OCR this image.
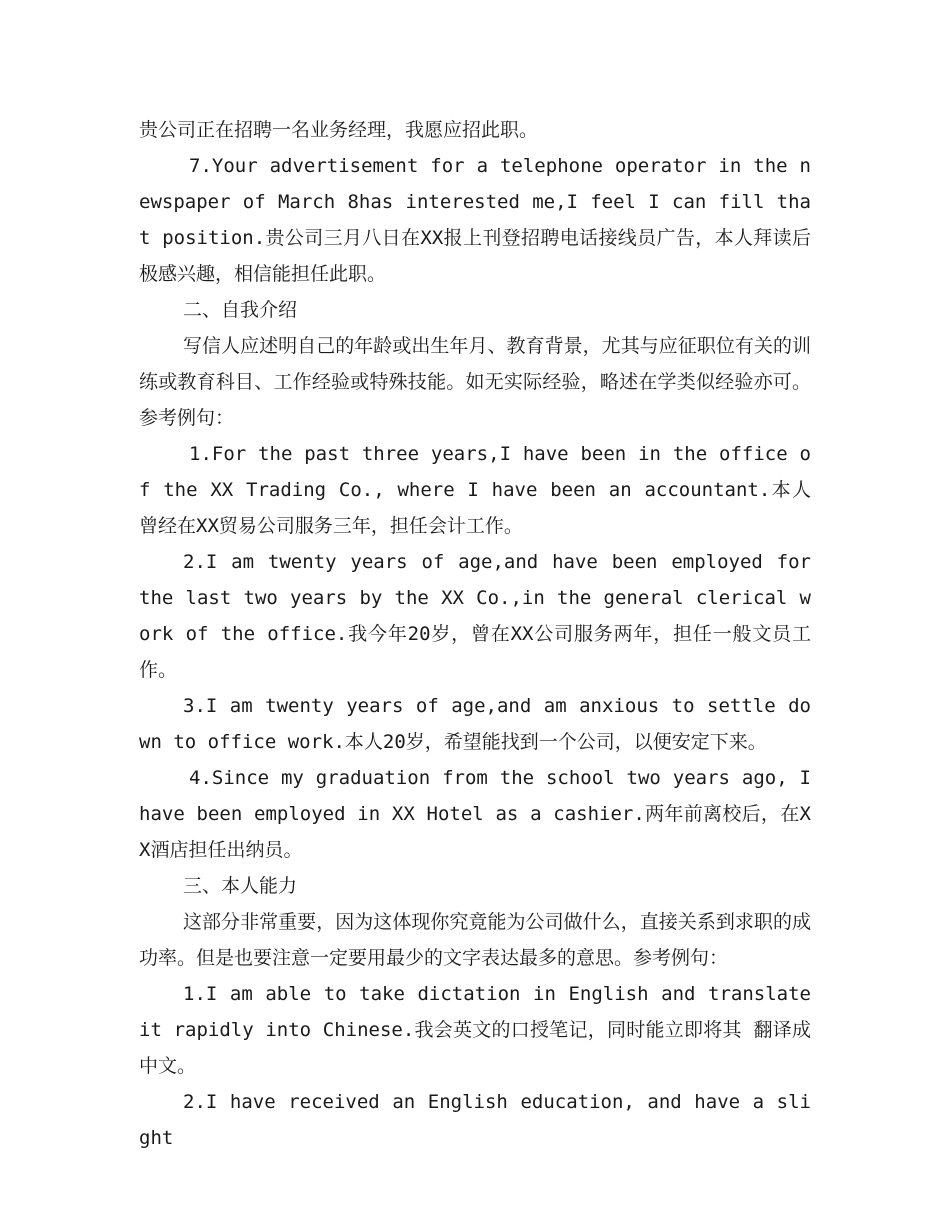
贵公司正在招聘一名业务经理，我愿应招此职。

7.Your advertisement for a telephone operator in the newspaper of March 8has interested me,I feel I can fill that position.贵公司三月八日在XX报上刊登招聘电话接线员广告，本人拜读后极感兴趣，相信能担任此职。

二、自我介绍

写信人应述明自己的年龄或出生年月、教育背景，尤其与应征职位有关的训练或教育科目、工作经验或特殊技能。如无实际经验，略述在学类似经验亦可。参考例句：

1.For the past three years,I have been in the office of the XX Trading Co., where I have been an accountant.本人曾经在XX贸易公司服务三年，担任会计工作。

2.I am twenty years of age,and have been employed for the last two years by the XX Co.,in the general clerical work of the office.我今年20岁，曾在XX公司服务两年，担任一般文员工作。

3.I am twenty years of age,and am anxious to settle down to office work.本人20岁，希望能找到一个公司，以便安定下来。

4.Since my graduation from the school two years ago, I have been employed in XX Hotel as a cashier.两年前离校后，在XX酒店担任出纳员。

三、本人能力

这部分非常重要，因为这体现你究竟能为公司做什么，直接关系到求职的成功率。但是也要注意一定要用最少的文字表达最多的意思。参考例句：

1.I am able to take dictation in English and translate it rapidly into Chinese.我会英文的口授笔记，同时能立即将其 翻译成中文。

2.I have received an English education, and have a slight
